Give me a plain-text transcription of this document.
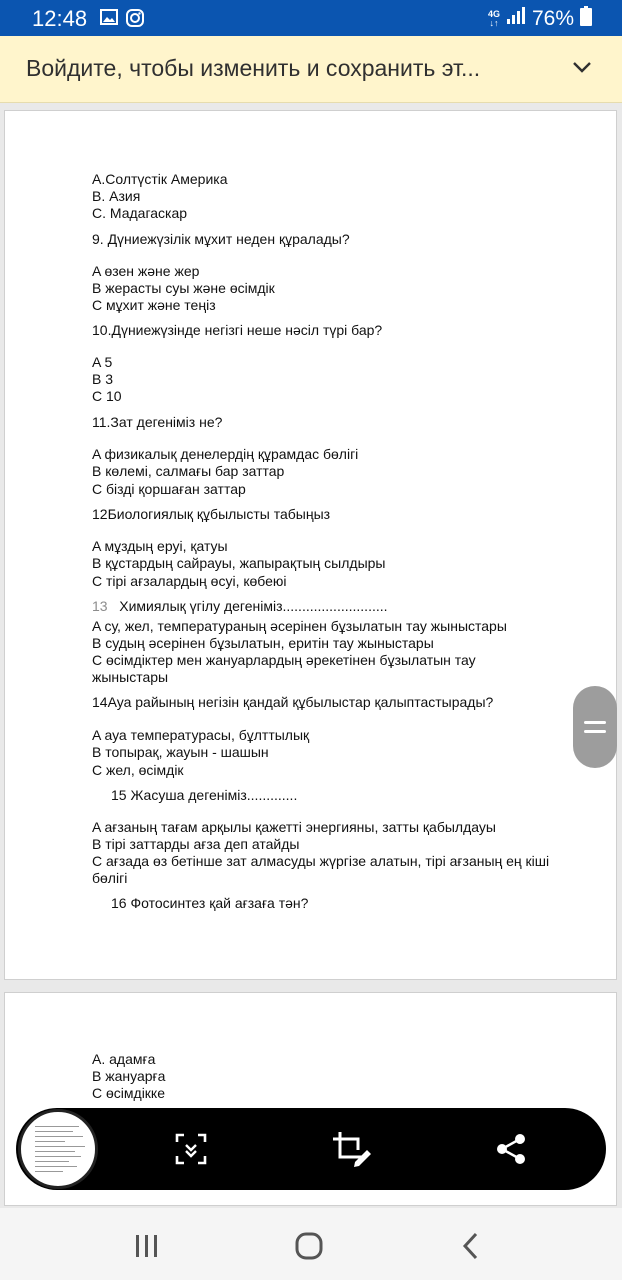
12:48	4G
↓↑ 76%
Войдите, чтобы изменить и сохранить эт...
A.Солтүстік Америка
B. Азия
C. Мадагаскар
9. Дүниежүзілік мұхит неден құралады?
A өзен және жер
B жерасты суы және өсімдік
C мұхит және теңіз
10.Дүниежүзінде негізгі неше нәсіл түрі бар?
A 5
B 3
C 10
11.Зат дегеніміз не?
A физикалық денелердің құрамдас бөлігі
B көлемі, салмағы бар заттар
C бізді қоршаған заттар
12Биологиялық құбылысты табыңыз
A мұздың еруі, қатуы
B құстардың сайрауы, жапырақтың сылдыры
C тірі ағзалардың өсуі, көбеюі
13 Химиялық үгілу дегеніміз...........................
A су, жел, температураның әсерінен бұзылатын тау жыныстары
B судың әсерінен бұзылатын, еритін тау жыныстары
C өсімдіктер мен жануарлардың әрекетінен бұзылатын тау
жыныстары
14Ауа райының негізін қандай құбылыстар қалыптастырады?
A ауа температурасы, бұлттылық
B топырақ, жауын - шашын
C жел, өсімдік
15 Жасуша дегеніміз.............
A ағзаның тағам арқылы қажетті энергияны, затты қабылдауы
B тірі заттарды ағза деп атайды
C ағзада өз бетінше зат алмасуды жүргізе алатын, тірі ағзаның ең кіші
бөлігі
16 Фотосинтез қай ағзаға тән?
A. адамға
B жануарға
C өсімдікке
